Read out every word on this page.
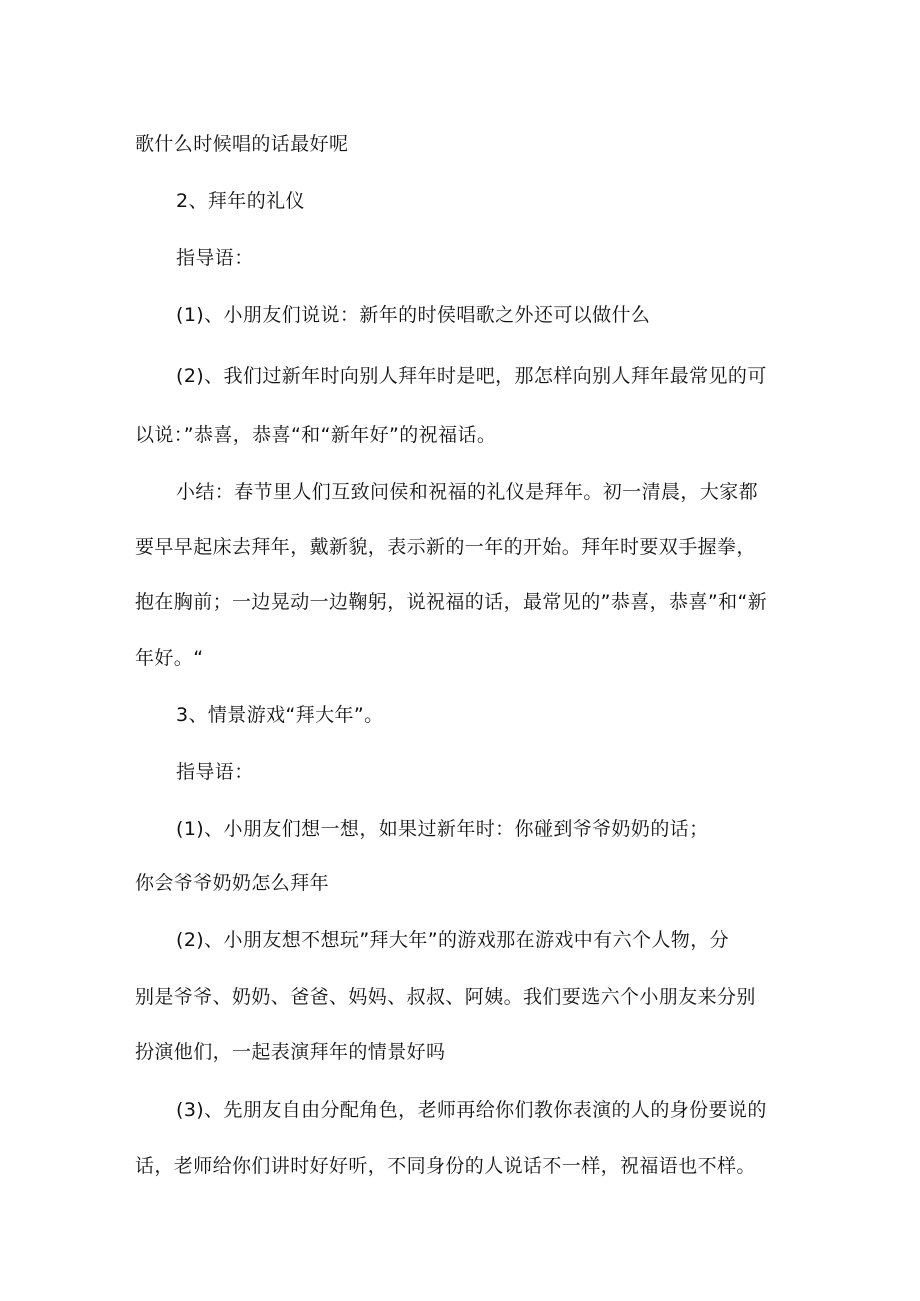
歌什么时候唱的话最好呢
2、拜年的礼仪
指导语：
(1)、小朋友们说说：新年的时侯唱歌之外还可以做什么
(2)、我们过新年时向别人拜年时是吧，那怎样向别人拜年最常见的可
以说：”恭喜，恭喜“和“新年好”的祝福话。
小结：春节里人们互致问侯和祝福的礼仪是拜年。初一清晨，大家都
要早早起床去拜年，戴新貌，表示新的一年的开始。拜年时要双手握拳，
抱在胸前；一边晃动一边鞠躬，说祝福的话，最常见的”恭喜，恭喜”和“新
年好。“
3、情景游戏“拜大年”。
指导语：
(1)、小朋友们想一想，如果过新年时：你碰到爷爷奶奶的话；
你会爷爷奶奶怎么拜年
(2)、小朋友想不想玩”拜大年”的游戏那在游戏中有六个人物，分
别是爷爷、奶奶、爸爸、妈妈、叔叔、阿姨。我们要选六个小朋友来分别
扮演他们，一起表演拜年的情景好吗
(3)、先朋友自由分配角色，老师再给你们教你表演的人的身份要说的
话，老师给你们讲时好好听，不同身份的人说话不一样，祝福语也不样。
